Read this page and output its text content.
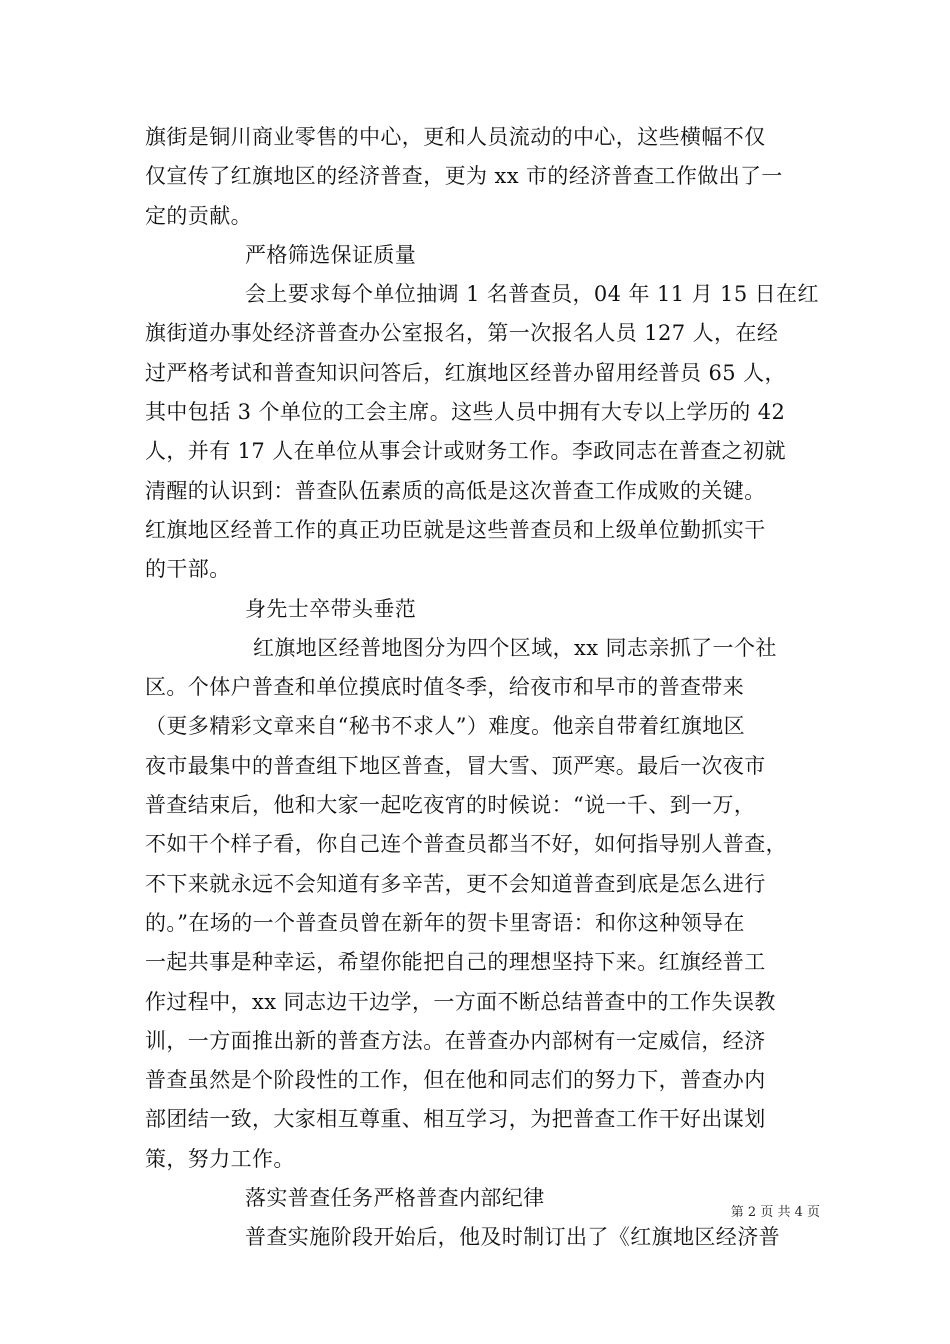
旗街是铜川商业零售的中心，更和人员流动的中心，这些横幅不仅
仅宣传了红旗地区的经济普查，更为 xx 市的经济普查工作做出了一
定的贡献。
严格筛选保证质量
会上要求每个单位抽调 1 名普查员，04 年 11 月 15 日在红
旗街道办事处经济普查办公室报名，第一次报名人员 127 人，在经
过严格考试和普查知识问答后，红旗地区经普办留用经普员 65 人，
其中包括 3 个单位的工会主席。这些人员中拥有大专以上学历的 42
人，并有 17 人在单位从事会计或财务工作。李政同志在普查之初就
清醒的认识到：普查队伍素质的高低是这次普查工作成败的关键。
红旗地区经普工作的真正功臣就是这些普查员和上级单位勤抓实干
的干部。
身先士卒带头垂范
红旗地区经普地图分为四个区域，xx 同志亲抓了一个社
区。个体户普查和单位摸底时值冬季，给夜市和早市的普查带来
（更多精彩文章来自“秘书不求人”）难度。他亲自带着红旗地区
夜市最集中的普查组下地区普查，冒大雪、顶严寒。最后一次夜市
普查结束后，他和大家一起吃夜宵的时候说：“说一千、到一万，
不如干个样子看，你自己连个普查员都当不好，如何指导别人普查，
不下来就永远不会知道有多辛苦，更不会知道普查到底是怎么进行
的。”在场的一个普查员曾在新年的贺卡里寄语：和你这种领导在
一起共事是种幸运，希望你能把自己的理想坚持下来。红旗经普工
作过程中，xx 同志边干边学，一方面不断总结普查中的工作失误教
训，一方面推出新的普查方法。在普查办内部树有一定威信，经济
普查虽然是个阶段性的工作，但在他和同志们的努力下，普查办内
部团结一致，大家相互尊重、相互学习，为把普查工作干好出谋划
策，努力工作。
落实普查任务严格普查内部纪律
普查实施阶段开始后，他及时制订出了《红旗地区经济普
第 2 页 共 4 页
